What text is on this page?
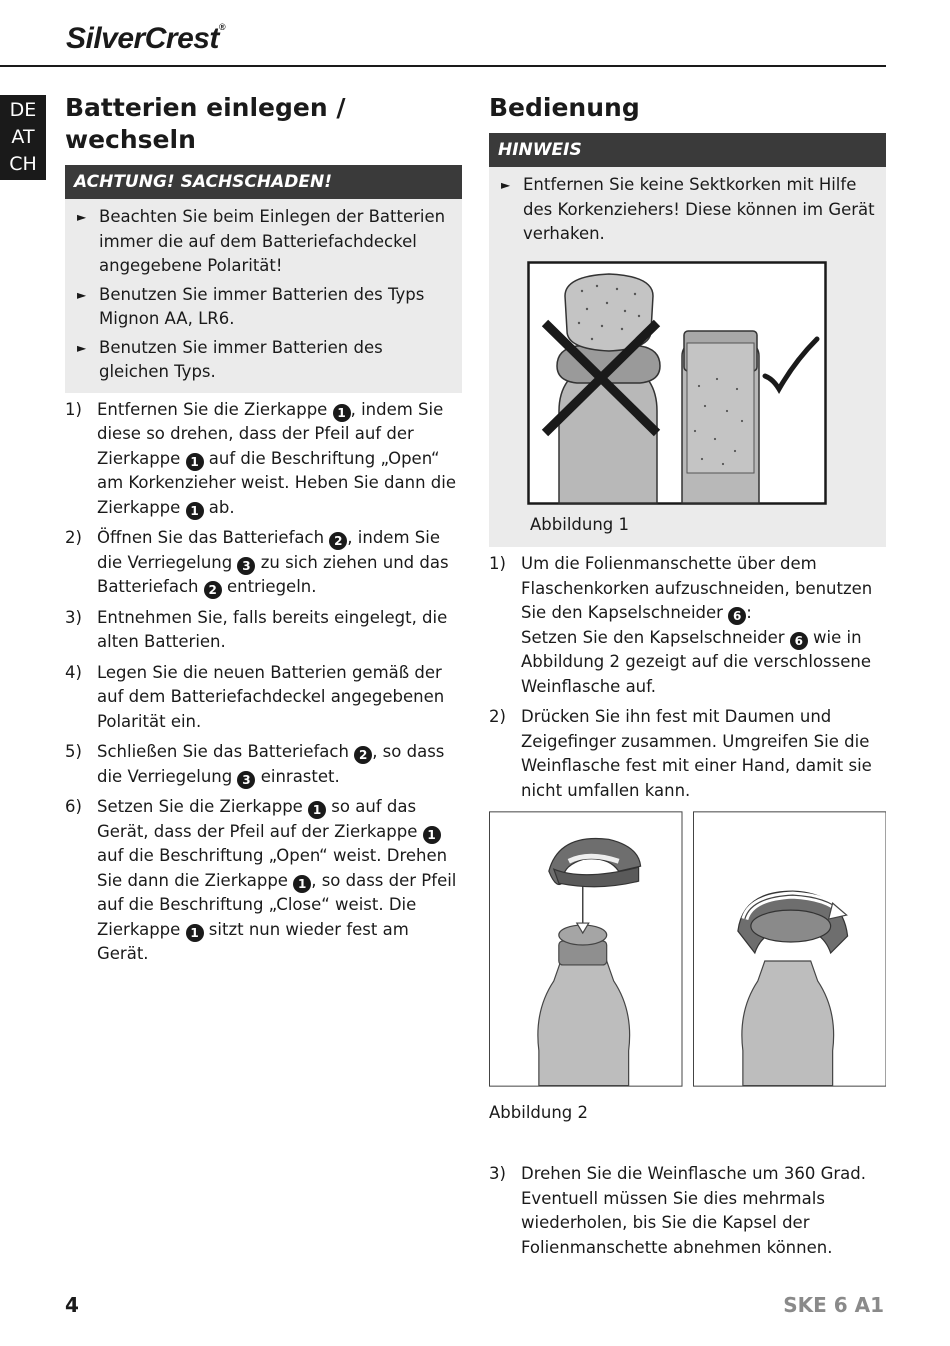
SilverCrest®
DE
AT
CH
Batterien einlegen / wechseln
ACHTUNG! SACHSCHADEN!
► Beachten Sie beim Einlegen der Batterien immer die auf dem Batteriefachdeckel angegebene Polarität!
► Benutzen Sie immer Batterien des Typs Mignon AA, LR6.
► Benutzen Sie immer Batterien des gleichen Typs.
1) Entfernen Sie die Zierkappe 1 , indem Sie diese so drehen, dass der Pfeil auf der Zierkappe 1 auf die Beschriftung „Open“ am Korkenzieher weist. Heben Sie dann die Zierkappe 1 ab.
2) Öffnen Sie das Batteriefach 2 , indem Sie die Verriegelung 3 zu sich ziehen und das Batteriefach 2 entriegeln.
3) Entnehmen Sie, falls bereits eingelegt, die alten Batterien.
4) Legen Sie die neuen Batterien gemäß der auf dem Batteriefachdeckel angegebenen Polarität ein.
5) Schließen Sie das Batteriefach 2 , so dass die Verriegelung 3 einrastet.
6) Setzen Sie die Zierkappe 1 so auf das Gerät, dass der Pfeil auf der Zierkappe 1 auf die Beschriftung „Open“ weist. Drehen Sie dann die Zierkappe 1 , so dass der Pfeil auf die Beschriftung „Close“ weist. Die Zierkappe 1 sitzt nun wieder fest am Gerät.
Bedienung
HINWEIS
► Entfernen Sie keine Sektkorken mit Hilfe des Korkenziehers! Diese können im Gerät verhaken.
Abbildung 1
1) Um die Folienmanschette über dem Flaschenkorken aufzuschneiden, benutzen Sie den Kapselschneider 6 :
Setzen Sie den Kapselschneider 6 wie in Abbildung 2 gezeigt auf die verschlossene Weinflasche auf.
2) Drücken Sie ihn fest mit Daumen und Zeigefinger zusammen. Umgreifen Sie die Weinflasche fest mit einer Hand, damit sie nicht umfallen kann.
Abbildung 2
3) Drehen Sie die Weinflasche um 360 Grad. Eventuell müssen Sie dies mehrmals wiederholen, bis Sie die Kapsel der Folienmanschette abnehmen können.
4	SKE 6 A1
